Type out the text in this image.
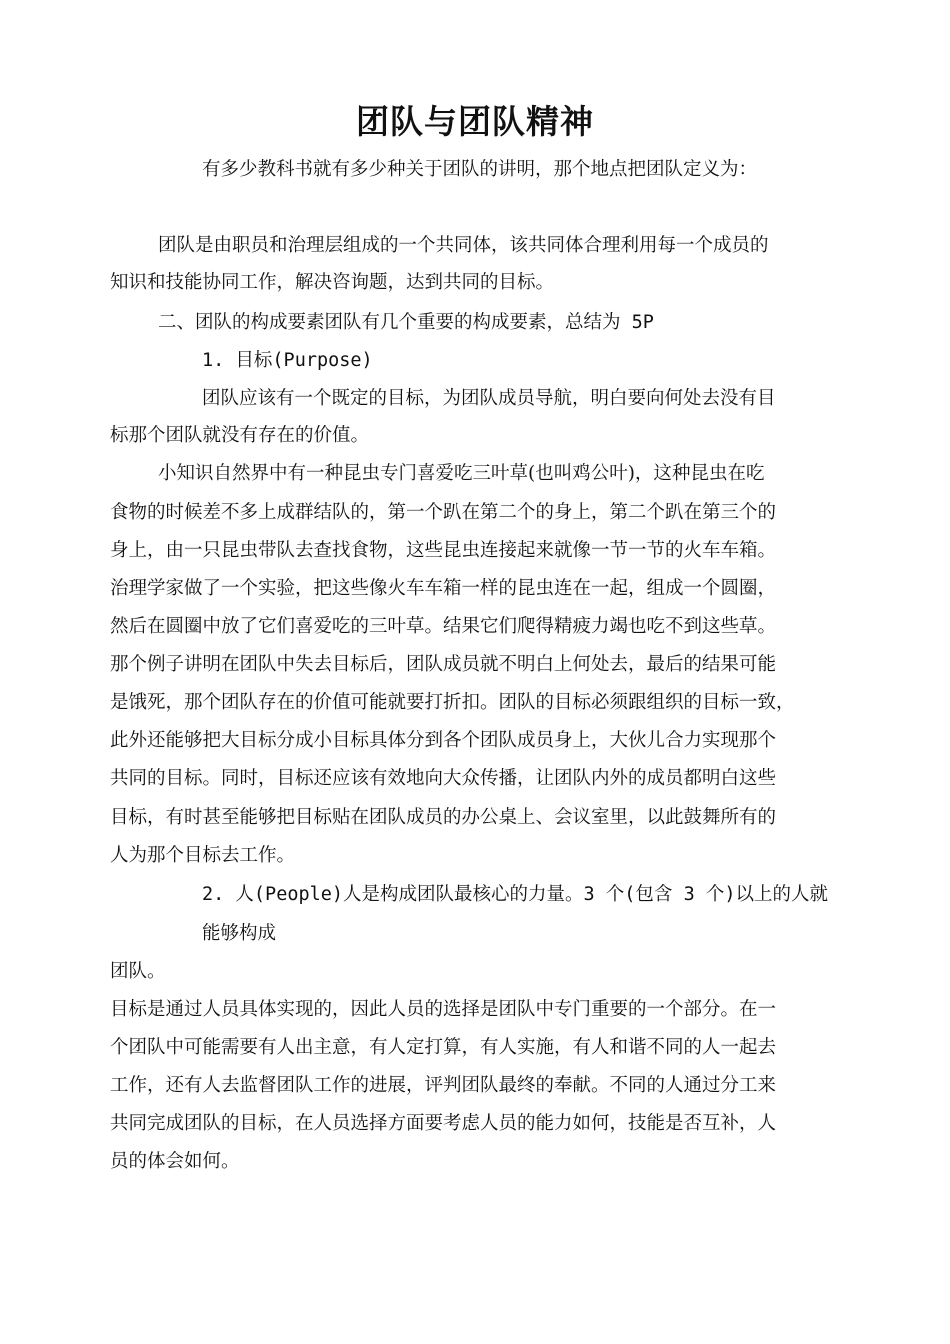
团队与团队精神
有多少教科书就有多少种关于团队的讲明，那个地点把团队定义为：
团队是由职员和治理层组成的一个共同体，该共同体合理利用每一个成员的
知识和技能协同工作，解决咨询题，达到共同的目标。
二、团队的构成要素团队有几个重要的构成要素，总结为 5P
1. 目标(Purpose)
团队应该有一个既定的目标，为团队成员导航，明白要向何处去没有目
标那个团队就没有存在的价值。
小知识自然界中有一种昆虫专门喜爱吃三叶草(也叫鸡公叶)，这种昆虫在吃
食物的时候差不多上成群结队的，第一个趴在第二个的身上，第二个趴在第三个的
身上，由一只昆虫带队去查找食物，这些昆虫连接起来就像一节一节的火车车箱。
治理学家做了一个实验，把这些像火车车箱一样的昆虫连在一起，组成一个圆圈，
然后在圆圈中放了它们喜爱吃的三叶草。结果它们爬得精疲力竭也吃不到这些草。
那个例子讲明在团队中失去目标后，团队成员就不明白上何处去，最后的结果可能
是饿死，那个团队存在的价值可能就要打折扣。团队的目标必须跟组织的目标一致，
此外还能够把大目标分成小目标具体分到各个团队成员身上，大伙儿合力实现那个
共同的目标。同时，目标还应该有效地向大众传播，让团队内外的成员都明白这些
目标，有时甚至能够把目标贴在团队成员的办公桌上、会议室里，以此鼓舞所有的
人为那个目标去工作。
2. 人(People)人是构成团队最核心的力量。3 个(包含 3 个)以上的人就
能够构成
团队。
目标是通过人员具体实现的，因此人员的选择是团队中专门重要的一个部分。在一
个团队中可能需要有人出主意，有人定打算，有人实施，有人和谐不同的人一起去
工作，还有人去监督团队工作的进展，评判团队最终的奉献。不同的人通过分工来
共同完成团队的目标，在人员选择方面要考虑人员的能力如何，技能是否互补，人
员的体会如何。
